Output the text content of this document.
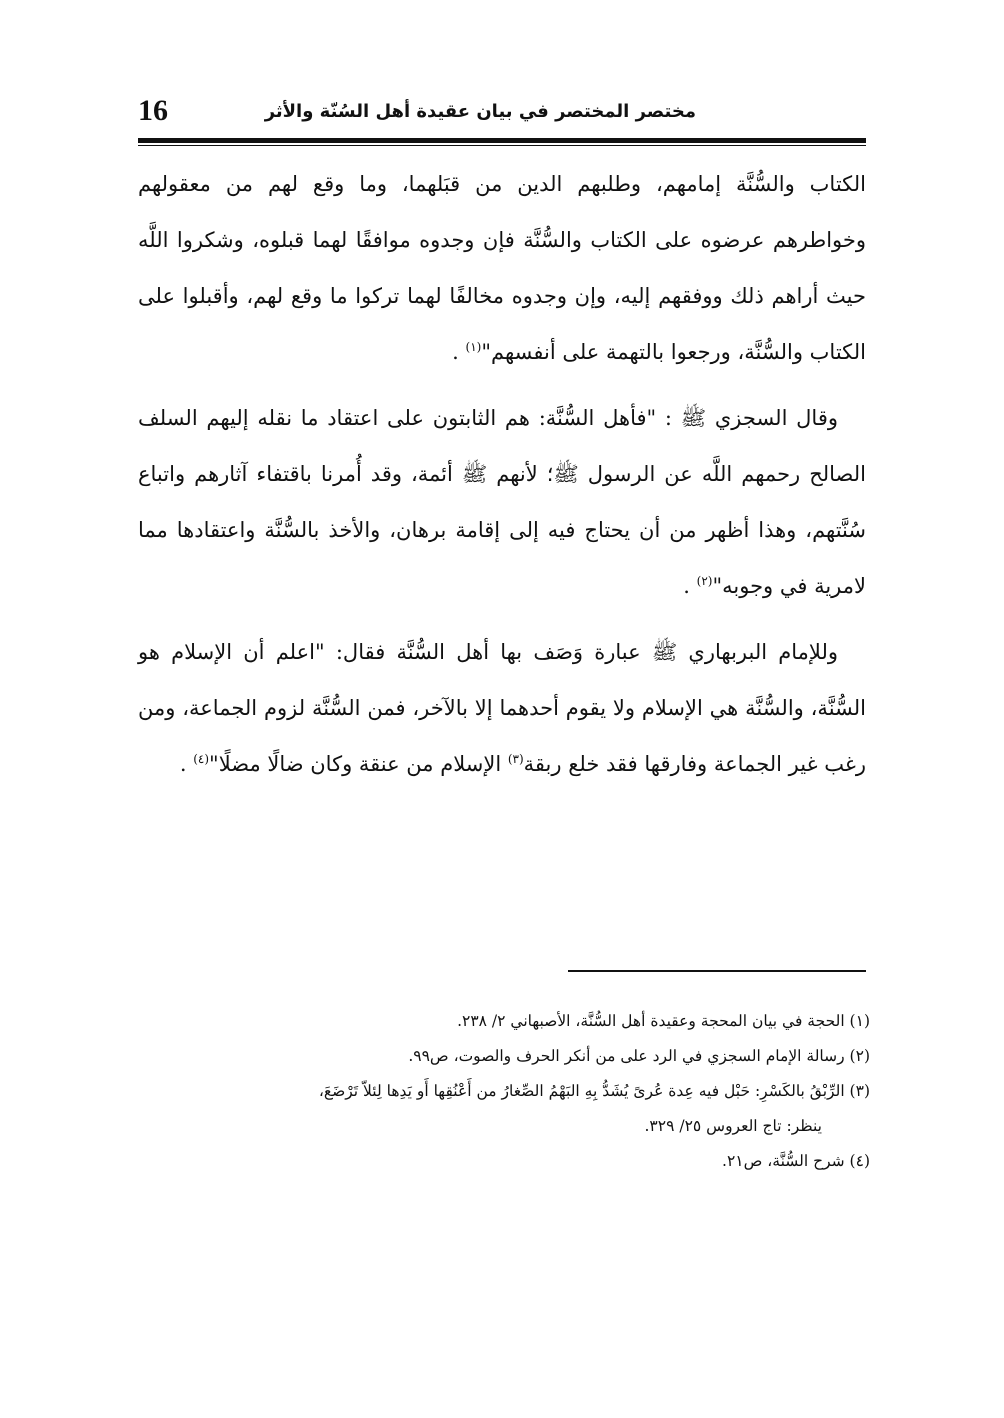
مختصر المختصر في بيان عقيدة أهل السُنّة والأثر
16

الكتاب والسُّنَّة إمامهم، وطلبهم الدين من قبَلهما، وما وقع لهم من معقولهم وخواطرهم عرضوه على الكتاب والسُّنَّة فإن وجدوه موافقًا لهما قبلوه، وشكروا اللَّه حيث أراهم ذلك ووفقهم إليه، وإن وجدوه مخالفًا لهما تركوا ما وقع لهم، وأقبلوا على الكتاب والسُّنَّة، ورجعوا بالتهمة على أنفسهم"$^{(١)}$ .

وقال السجزي ﷺ : "فأهل السُّنَّة: هم الثابتون على اعتقاد ما نقله إليهم السلف الصالح رحمهم اللَّه عن الرسول ﷺ؛ لأنهم ﷺ أئمة، وقد أُمرنا باقتفاء آثارهم واتباع سُنَّتهم، وهذا أظهر من أن يحتاج فيه إلى إقامة برهان، والأخذ بالسُّنَّة واعتقادها مما لامرية في وجوبه"$^{(٢)}$ .

وللإمام البربهاري ﷺ عبارة وَصَف بها أهل السُّنَّة فقال: "اعلم أن الإسلام هو السُّنَّة، والسُّنَّة هي الإسلام ولا يقوم أحدهما إلا بالآخر، فمن السُّنَّة لزوم الجماعة، ومن رغب غير الجماعة وفارقها فقد خلع ربقة$^{(٣)}$ الإسلام من عنقة وكان ضالًا مضلًا"$^{(٤)}$ .

(١) الحجة في بيان المحجة وعقيدة أهل السُّنَّة، الأصبهاني ٢/ ٢٣٨.

(٢) رسالة الإمام السجزي في الرد على من أنكر الحرف والصوت، ص٩٩.

(٣) الرِّبْقُ بالكَسْرِ: حَبْل فيه عِدة عُرىً يُشَدُّ بِهِ البَهْمُ الصِّغارُ من أَعْنُقِها أَو يَدِها لِئلاّ تَرْضَعَ،

ينظر: تاج العروس ٢٥/ ٣٢٩.

(٤) شرح السُّنَّة، ص٢١.
